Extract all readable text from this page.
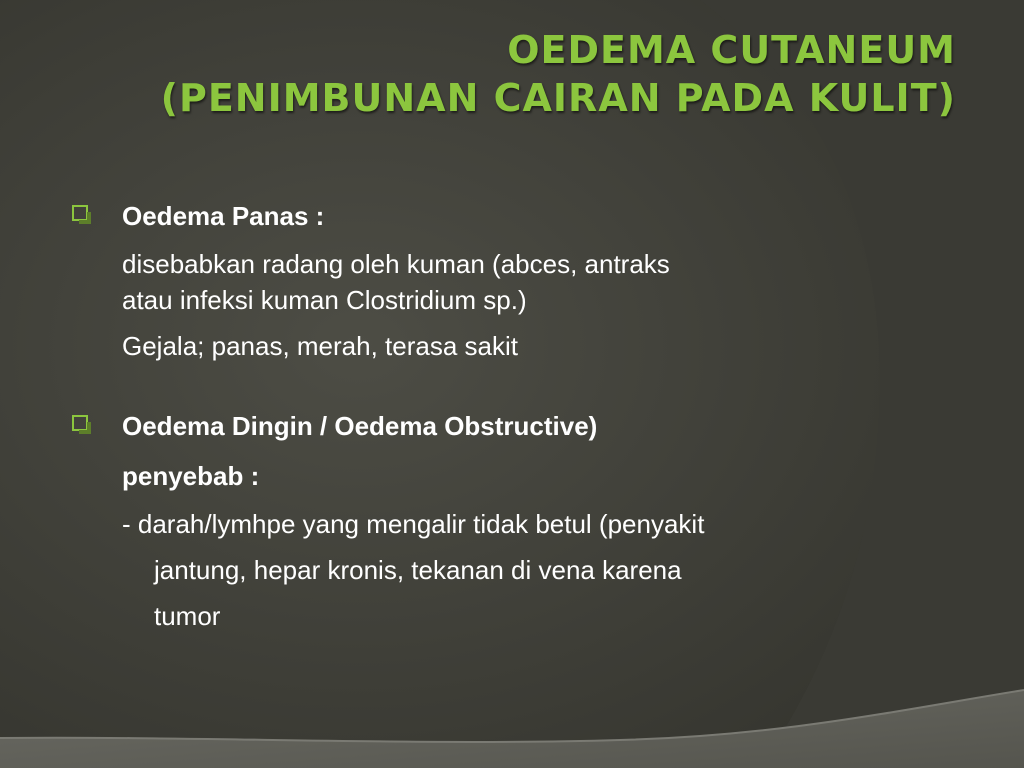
OEDEMA CUTANEUM
(PENIMBUNAN CAIRAN PADA KULIT)
Oedema Panas :
disebabkan radang oleh kuman (abces, antraks
atau infeksi kuman Clostridium sp.)
Gejala; panas, merah, terasa sakit
Oedema Dingin / Oedema Obstructive)
penyebab :
- darah/lymhpe yang mengalir tidak betul (penyakit
jantung, hepar kronis, tekanan di vena karena
tumor
